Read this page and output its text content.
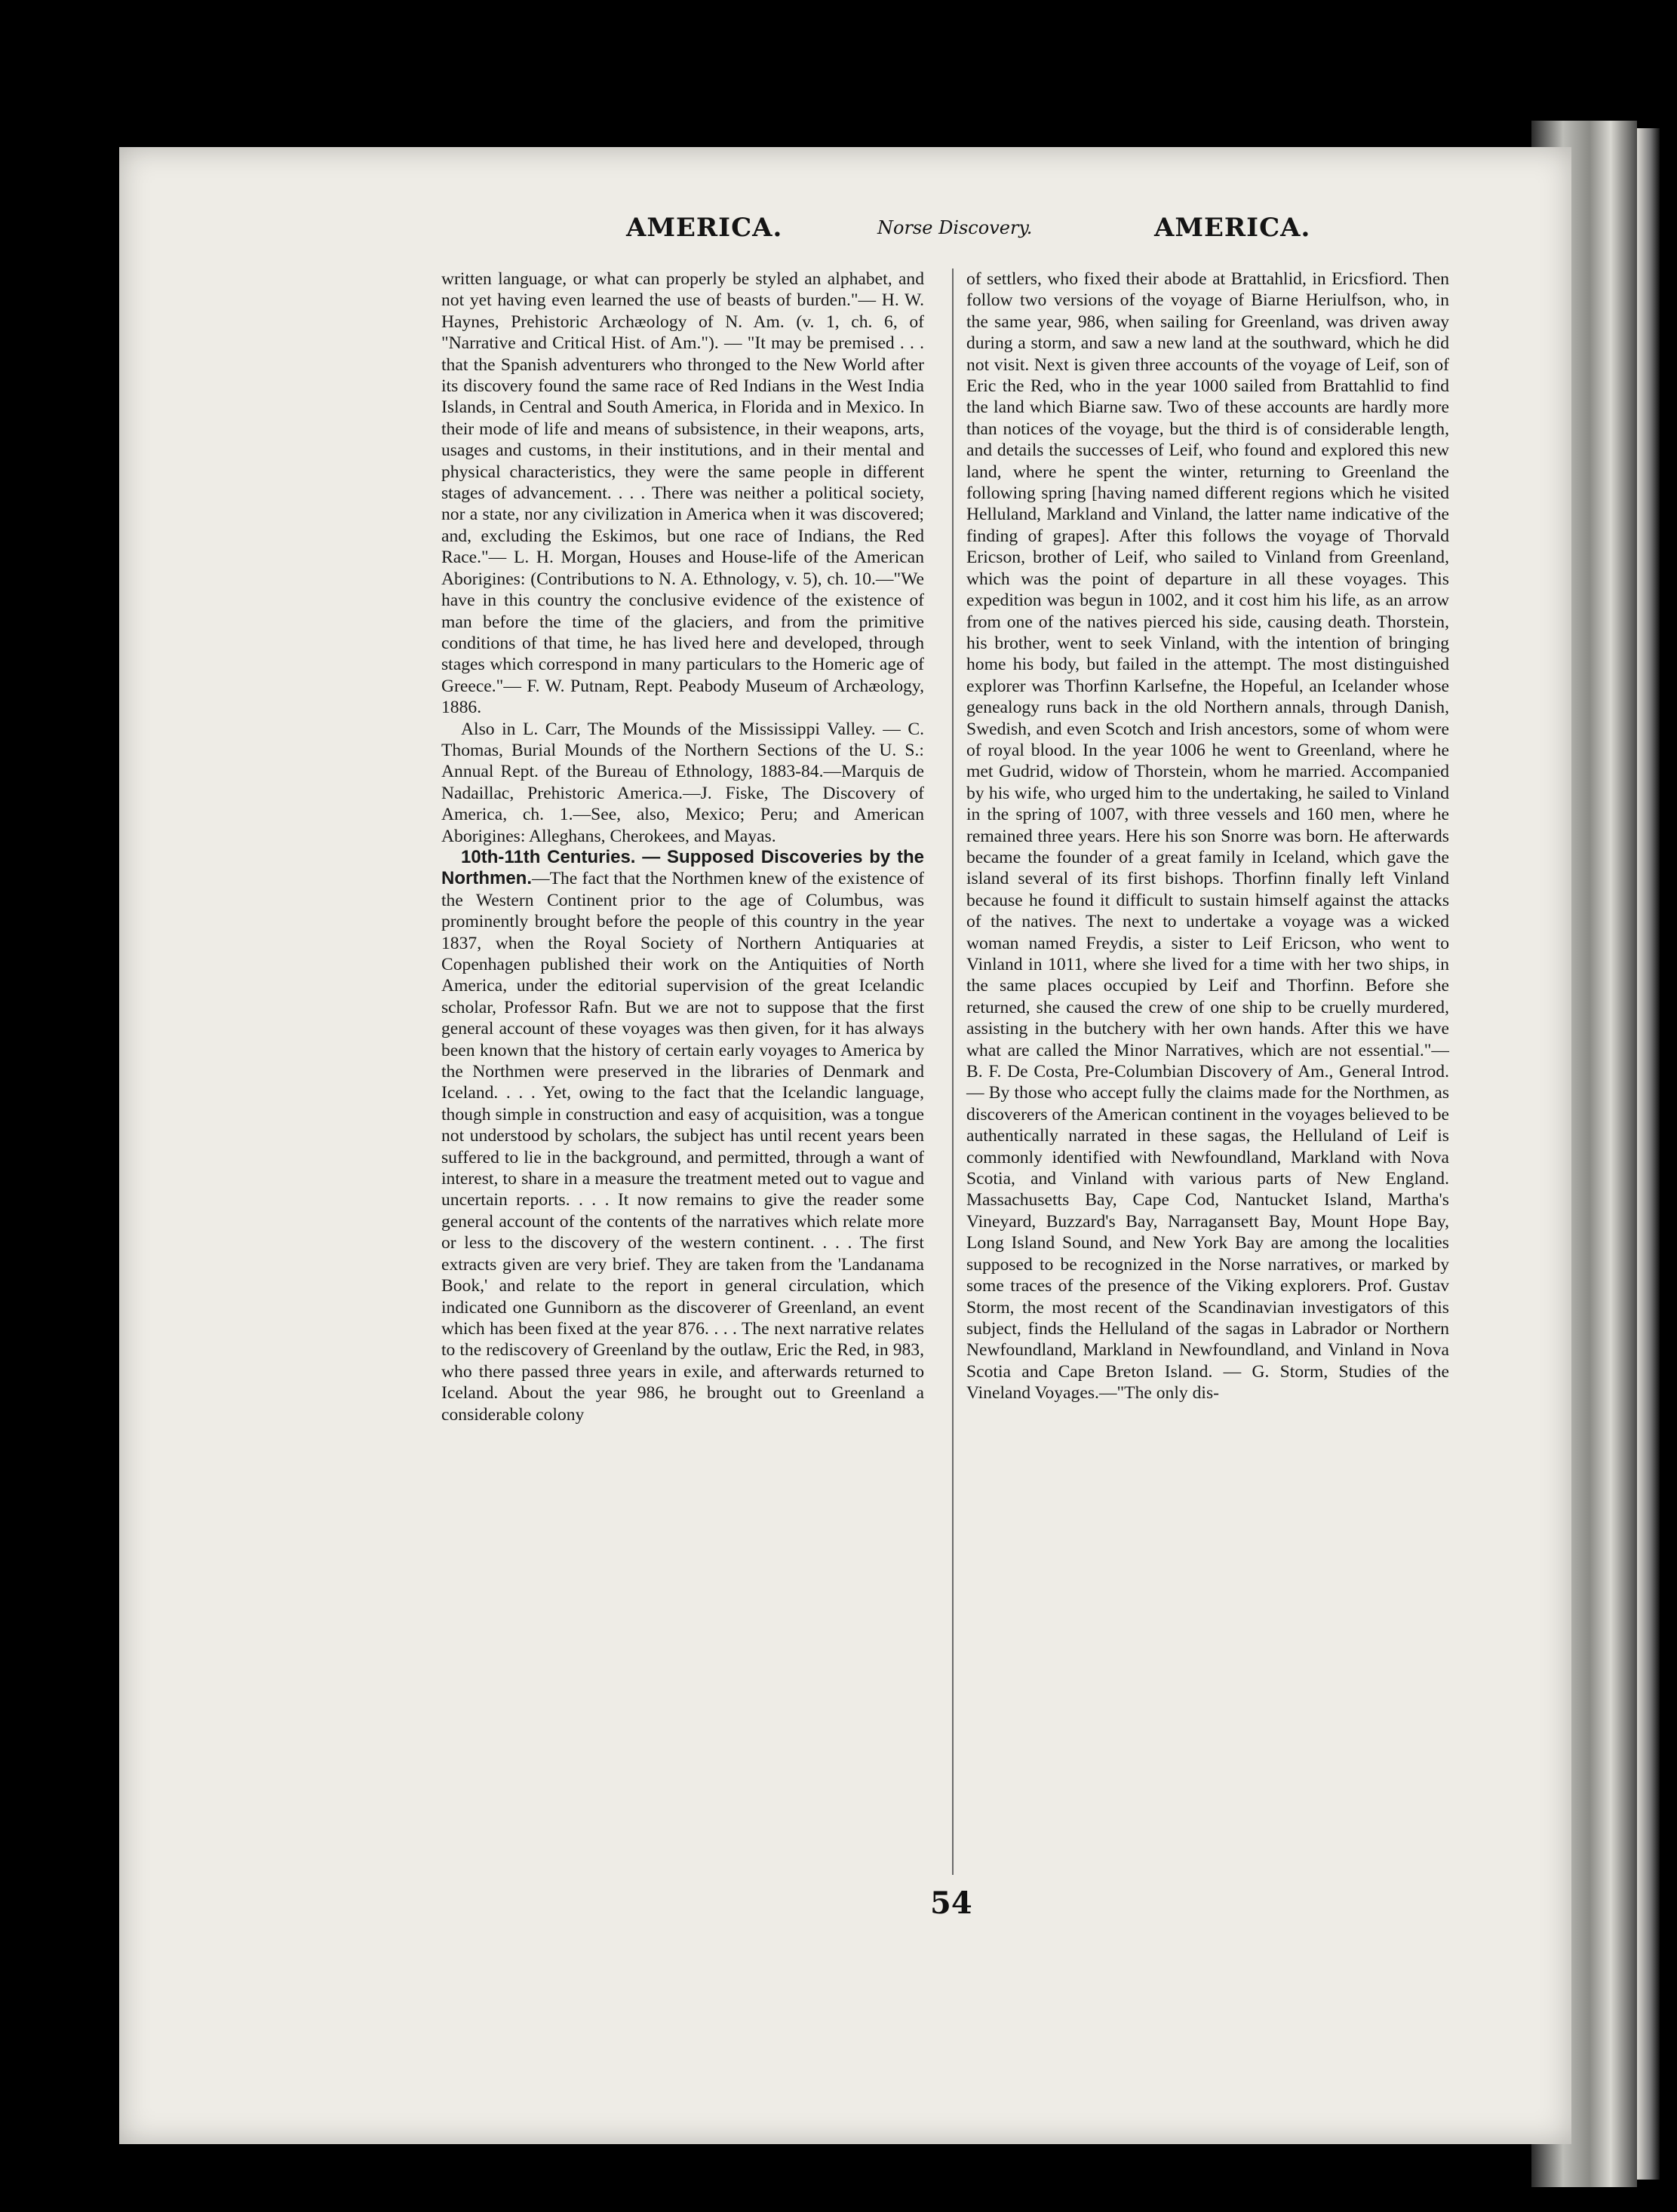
AMERICA.	Norse Discovery.	AMERICA.

written language, or what can properly be styled an alphabet, and not yet having even learned the use of beasts of burden."— H. W. Haynes, Prehistoric Archæology of N. Am. (v. 1, ch. 6, of "Narrative and Critical Hist. of Am."). — "It may be premised . . . that the Spanish adventurers who thronged to the New World after its discovery found the same race of Red Indians in the West India Islands, in Central and South America, in Florida and in Mexico. In their mode of life and means of subsistence, in their weapons, arts, usages and customs, in their institutions, and in their mental and physical characteristics, they were the same people in different stages of advancement. . . . There was neither a political society, nor a state, nor any civilization in America when it was discovered; and, excluding the Eskimos, but one race of Indians, the Red Race."— L. H. Morgan, Houses and House-life of the American Aborigines: (Contributions to N. A. Ethnology, v. 5), ch. 10.—"We have in this country the conclusive evidence of the existence of man before the time of the glaciers, and from the primitive conditions of that time, he has lived here and developed, through stages which correspond in many particulars to the Homeric age of Greece."— F. W. Putnam, Rept. Peabody Museum of Archæology, 1886.

Also in L. Carr, The Mounds of the Mississippi Valley. — C. Thomas, Burial Mounds of the Northern Sections of the U. S.: Annual Rept. of the Bureau of Ethnology, 1883-84.—Marquis de Nadaillac, Prehistoric America.—J. Fiske, The Discovery of America, ch. 1.—See, also, Mexico; Peru; and American Aborigines: Alleghans, Cherokees, and Mayas.

10th-11th Centuries. — Supposed Discoveries by the Northmen.—The fact that the Northmen knew of the existence of the Western Continent prior to the age of Columbus, was prominently brought before the people of this country in the year 1837, when the Royal Society of Northern Antiquaries at Copenhagen published their work on the Antiquities of North America, under the editorial supervision of the great Icelandic scholar, Professor Rafn. But we are not to suppose that the first general account of these voyages was then given, for it has always been known that the history of certain early voyages to America by the Northmen were preserved in the libraries of Denmark and Iceland. . . . Yet, owing to the fact that the Icelandic language, though simple in construction and easy of acquisition, was a tongue not understood by scholars, the subject has until recent years been suffered to lie in the background, and permitted, through a want of interest, to share in a measure the treatment meted out to vague and uncertain reports. . . . It now remains to give the reader some general account of the contents of the narratives which relate more or less to the discovery of the western continent. . . . The first extracts given are very brief. They are taken from the 'Landanama Book,' and relate to the report in general circulation, which indicated one Gunniborn as the discoverer of Greenland, an event which has been fixed at the year 876. . . . The next narrative relates to the rediscovery of Greenland by the outlaw, Eric the Red, in 983, who there passed three years in exile, and afterwards returned to Iceland. About the year 986, he brought out to Greenland a considerable colony

of settlers, who fixed their abode at Brattahlid, in Ericsfiord. Then follow two versions of the voyage of Biarne Heriulfson, who, in the same year, 986, when sailing for Greenland, was driven away during a storm, and saw a new land at the southward, which he did not visit. Next is given three accounts of the voyage of Leif, son of Eric the Red, who in the year 1000 sailed from Brattahlid to find the land which Biarne saw. Two of these accounts are hardly more than notices of the voyage, but the third is of considerable length, and details the successes of Leif, who found and explored this new land, where he spent the winter, returning to Greenland the following spring [having named different regions which he visited Helluland, Markland and Vinland, the latter name indicative of the finding of grapes]. After this follows the voyage of Thorvald Ericson, brother of Leif, who sailed to Vinland from Greenland, which was the point of departure in all these voyages. This expedition was begun in 1002, and it cost him his life, as an arrow from one of the natives pierced his side, causing death. Thorstein, his brother, went to seek Vinland, with the intention of bringing home his body, but failed in the attempt. The most distinguished explorer was Thorfinn Karlsefne, the Hopeful, an Icelander whose genealogy runs back in the old Northern annals, through Danish, Swedish, and even Scotch and Irish ancestors, some of whom were of royal blood. In the year 1006 he went to Greenland, where he met Gudrid, widow of Thorstein, whom he married. Accompanied by his wife, who urged him to the undertaking, he sailed to Vinland in the spring of 1007, with three vessels and 160 men, where he remained three years. Here his son Snorre was born. He afterwards became the founder of a great family in Iceland, which gave the island several of its first bishops. Thorfinn finally left Vinland because he found it difficult to sustain himself against the attacks of the natives. The next to undertake a voyage was a wicked woman named Freydis, a sister to Leif Ericson, who went to Vinland in 1011, where she lived for a time with her two ships, in the same places occupied by Leif and Thorfinn. Before she returned, she caused the crew of one ship to be cruelly murdered, assisting in the butchery with her own hands. After this we have what are called the Minor Narratives, which are not essential."— B. F. De Costa, Pre-Columbian Discovery of Am., General Introd. — By those who accept fully the claims made for the Northmen, as discoverers of the American continent in the voyages believed to be authentically narrated in these sagas, the Helluland of Leif is commonly identified with Newfoundland, Markland with Nova Scotia, and Vinland with various parts of New England. Massachusetts Bay, Cape Cod, Nantucket Island, Martha's Vineyard, Buzzard's Bay, Narragansett Bay, Mount Hope Bay, Long Island Sound, and New York Bay are among the localities supposed to be recognized in the Norse narratives, or marked by some traces of the presence of the Viking explorers. Prof. Gustav Storm, the most recent of the Scandinavian investigators of this subject, finds the Helluland of the sagas in Labrador or Northern Newfoundland, Markland in Newfoundland, and Vinland in Nova Scotia and Cape Breton Island. — G. Storm, Studies of the Vineland Voyages.—"The only dis-

54
